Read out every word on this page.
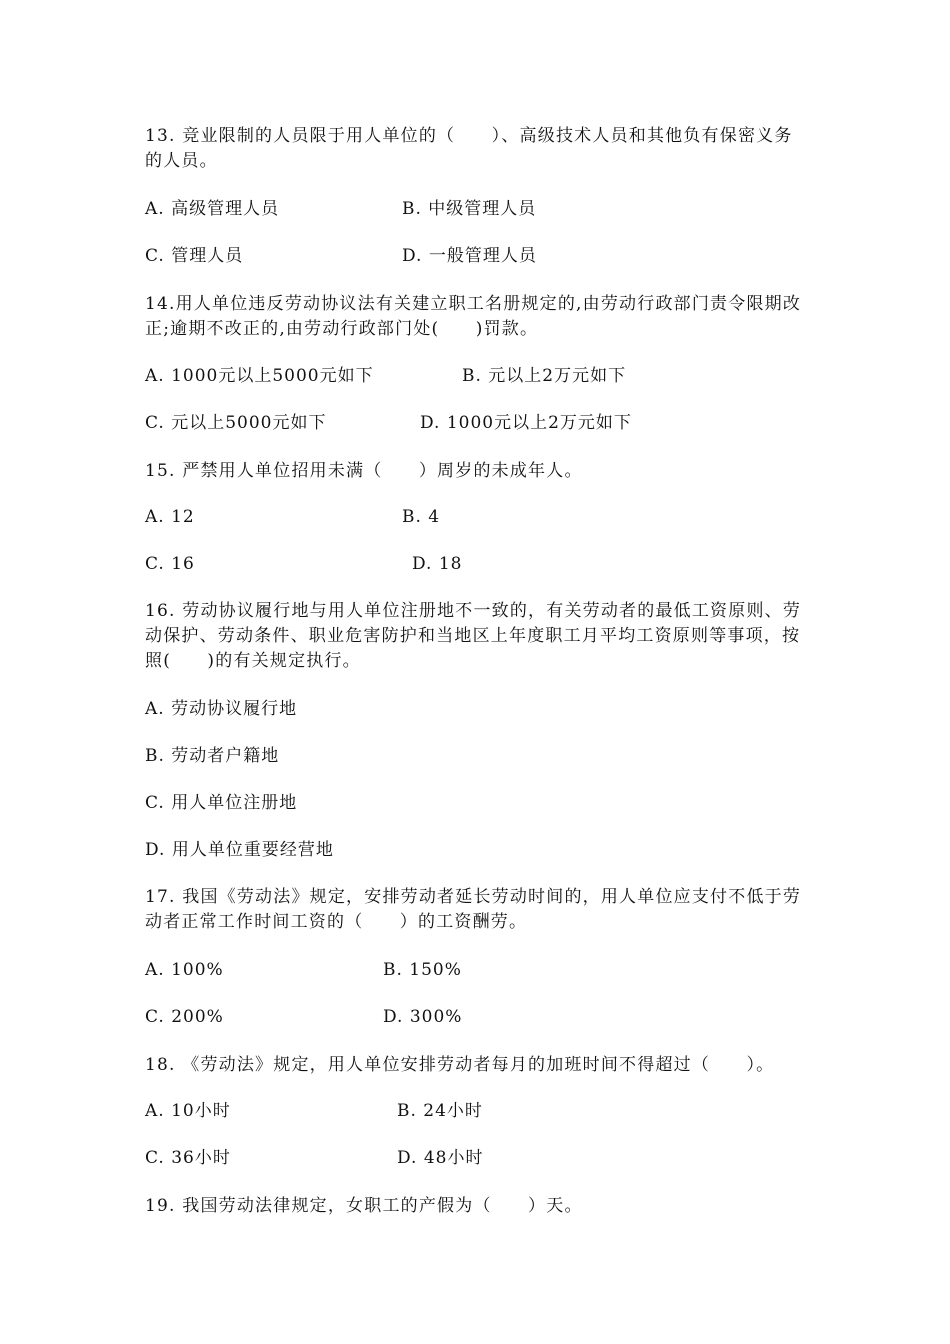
13. 竞业限制的人员限于用人单位的（　　）、高级技术人员和其他负有保密义务的人员。
A. 高级管理人员	B. 中级管理人员
C. 管理人员	D. 一般管理人员
14.用人单位违反劳动协议法有关建立职工名册规定的,由劳动行政部门责令限期改正;逾期不改正的,由劳动行政部门处(　　)罚款。
A. 1000元以上5000元如下	B. 元以上2万元如下
C. 元以上5000元如下	D. 1000元以上2万元如下
15. 严禁用人单位招用未满（　　）周岁的未成年人。
A. 12	B. 4
C. 16	D. 18
16. 劳动协议履行地与用人单位注册地不一致的，有关劳动者的最低工资原则、劳动保护、劳动条件、职业危害防护和当地区上年度职工月平均工资原则等事项，按照(　　)的有关规定执行。
A. 劳动协议履行地
B. 劳动者户籍地
C. 用人单位注册地
D. 用人单位重要经营地
17. 我国《劳动法》规定，安排劳动者延长劳动时间的，用人单位应支付不低于劳动者正常工作时间工资的（　　）的工资酬劳。
A. 100%	B. 150%
C. 200%	D. 300%
18. 《劳动法》规定，用人单位安排劳动者每月的加班时间不得超过（　　）。
A. 10小时	B. 24小时
C. 36小时	D. 48小时
19. 我国劳动法律规定，女职工的产假为（　　）天。
